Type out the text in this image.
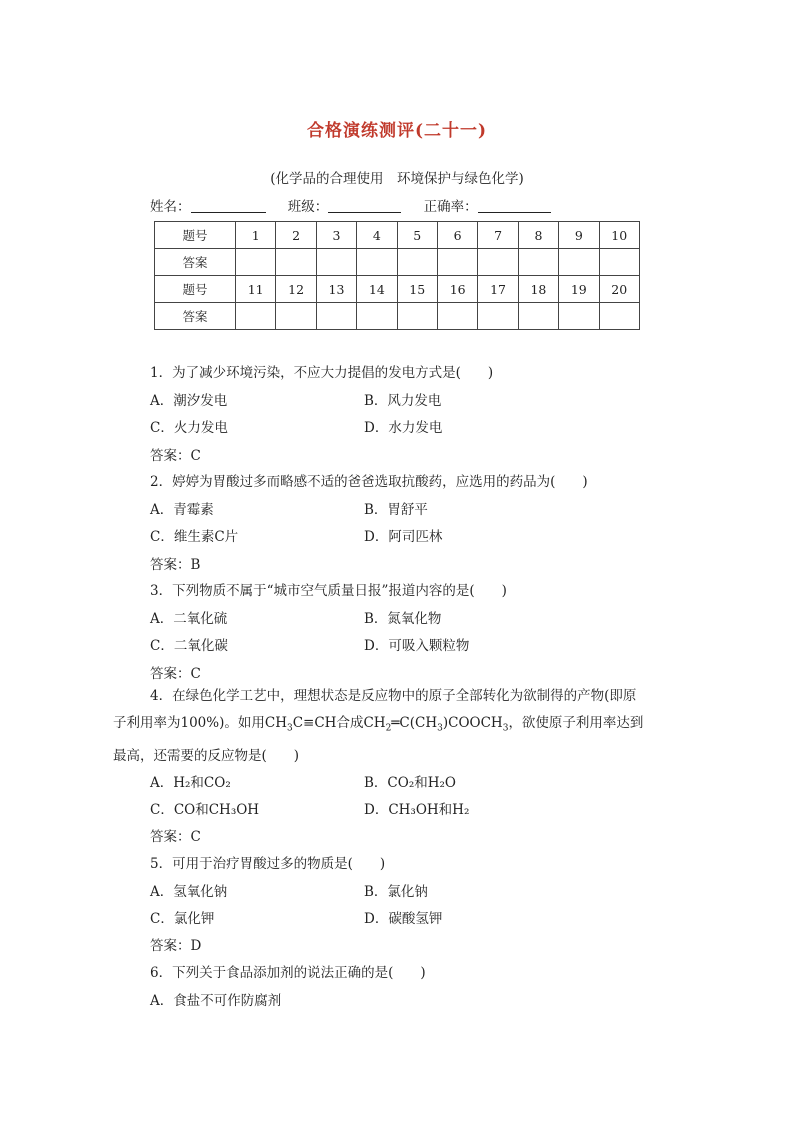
合格演练测评(二十一)
(化学品的合理使用　环境保护与绿色化学)
姓名：	班级：	正确率：
题号	1	2	3	4	5	6	7	8	9	10
答案										
题号	11	12	13	14	15	16	17	18	19	20
答案										
1．为了减少环境污染，不应大力提倡的发电方式是(　　)
A．潮汐发电	B．风力发电
C．火力发电	D．水力发电
答案：C
2．婷婷为胃酸过多而略感不适的爸爸选取抗酸药，应选用的药品为(　　)
A．青霉素	B．胃舒平
C．维生素C片	D．阿司匹林
答案：B
3．下列物质不属于“城市空气质量日报”报道内容的是(　　)
A．二氧化硫	B．氮氧化物
C．二氧化碳	D．可吸入颗粒物
答案：C
4．在绿色化学工艺中，理想状态是反应物中的原子全部转化为欲制得的产物(即原子利用率为100%)。如用$CH_3C\equiv CH$合成$CH_2═C(CH_3)COOCH_3$，欲使原子利用率达到最高，还需要的反应物是(　　)
A．H₂和CO₂	B．CO₂和H₂O
C．CO和CH₃OH	D．CH₃OH和H₂
答案：C
5．可用于治疗胃酸过多的物质是(　　)
A．氢氧化钠	B．氯化钠
C．氯化钾	D．碳酸氢钾
答案：D
6．下列关于食品添加剂的说法正确的是(　　)
A．食盐不可作防腐剂
